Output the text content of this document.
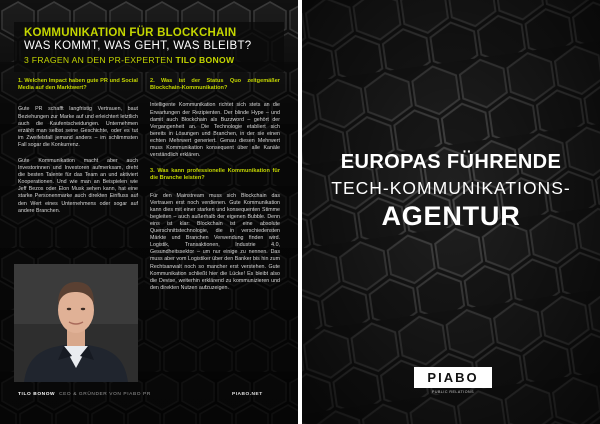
KOMMUNIKATION FÜR BLOCKCHAIN
WAS KOMMT, WAS GEHT, WAS BLEIBT?
3 FRAGEN AN DEN PR-EXPERTEN TILO BONOW
1. Welchen Impact haben gute PR und Social Media auf den Marktwert?
Gute PR schafft langfristig Vertrauen, baut Beziehungen zur Marke auf und erleichtert letztlich auch die Kaufentscheidungen. Unternehmen erzählt man selbst seine Geschichte, oder es tut im Zweifelsfall jemand anders – im schlimmsten Fall sogar die Konkurrenz.
Gute Kommunikation macht aber auch Investorinnen und Investoren aufmerksam, dreht die besten Talente für das Team an und aktiviert Kooperationen. Und wie man an Beispielen wie Jeff Bezos oder Elon Musk sehen kann, hat eine starke Personenmarke auch direkten Einfluss auf den Wert eines Unternehmens oder sogar auf andere Branchen.
2. Was ist der Status Quo zeitgemäßer Blockchain-Kommunikation?
Intelligente Kommunikation richtet sich stets an die Erwartungen der Rezipienten. Der blinde Hype – und damit auch Blockchain als Buzzword – gehört der Vergangenheit an. Die Technologie etabliert sich bereits in Lösungen und Branchen, in der sie einen echten Mehrwert generiert. Genau diesen Mehrwert muss Kommunikation konsequent über alle Kanäle verständlich erklären.
3. Was kann professionelle Kommunikation für die Branche leisten?
Für den Mainstream muss sich Blockchain das Vertrauen erst noch verdienen. Gute Kommunikation kann dies mit einer starken und konsequenten Stimme begleiten – auch außerhalb der eigenen Bubble. Denn eins ist klar: Blockchain ist eine absolute Querschnittstechnologie, die in verschiedensten Märkte und Branchen Verwendung finden wird. Logistik, Transaktionen, Industrie 4.0, Gesundheitssektor – um nur einige zu nennen. Das muss aber vom Logistiker über den Banker bis hin zum Rechtsanwalt noch so mancher erst verstehen. Gute Kommunikation schließt hier die Lücke! Es bleibt also die Devise, weiterhin erklärend zu kommunizieren und den direkten Nutzen aufzuzeigen.
TILO BONOW CEO & GRÜNDER VON PIABO PR	PIABO.NET
EUROPAS FÜHRENDE
TECH-KOMMUNIKATIONS-
AGENTUR
PIABO
PUBLIC RELATIONS
